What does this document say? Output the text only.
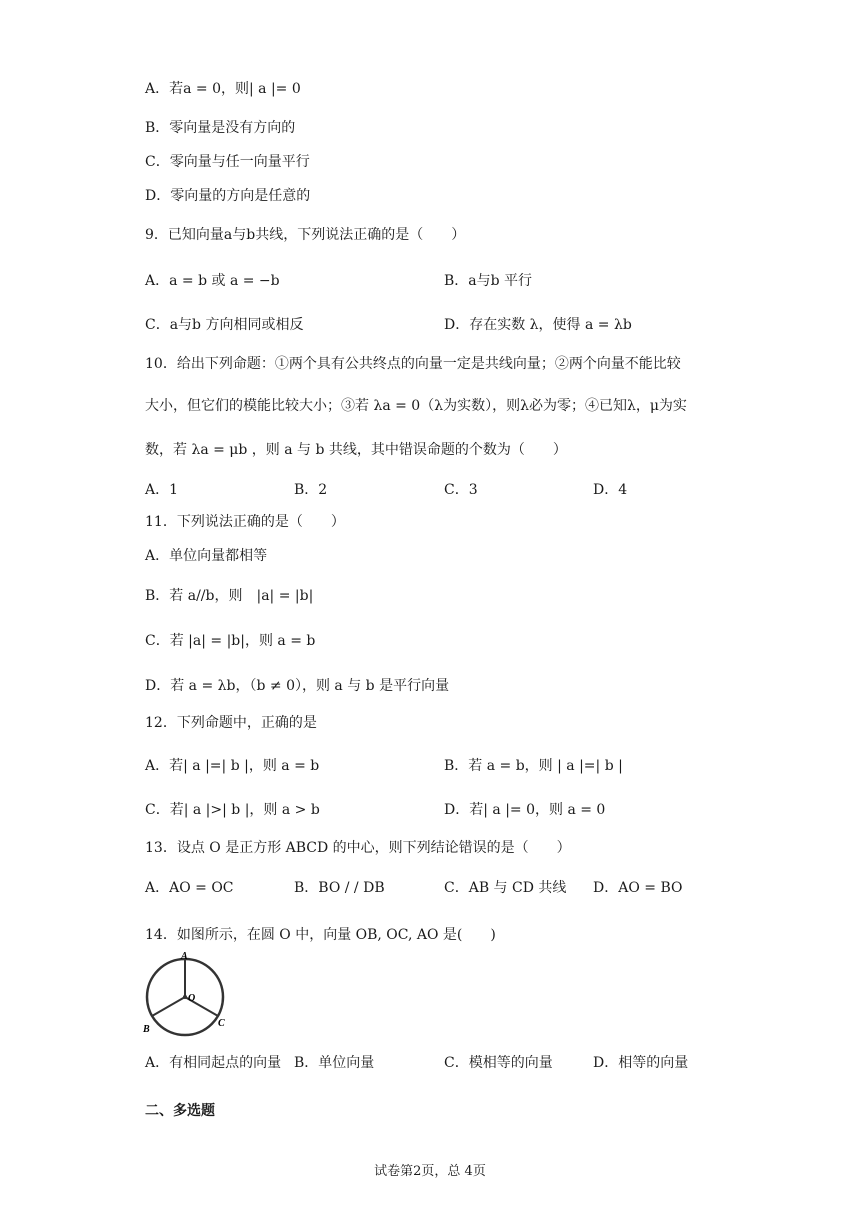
A．若a = 0，则| a |= 0
B．零向量是没有方向的
C．零向量与任一向量平行
D．零向量的方向是任意的
9．已知向量a与b共线，下列说法正确的是（　　）
A．a = b 或 a = −b	B．a与b 平行
C．a与b 方向相同或相反	D．存在实数 λ，使得 a = λb
10．给出下列命题：①两个具有公共终点的向量一定是共线向量；②两个向量不能比较
大小，但它们的模能比较大小；③若 λa = 0（λ为实数），则λ必为零；④已知λ，μ为实
数，若 λa = μb ，则 a 与 b 共线，其中错误命题的个数为（　　）
A．1	B．2	C．3	D．4
11．下列说法正确的是（　　）
A．单位向量都相等
B．若 a//b，则　|a| = |b|
C．若 |a| = |b|，则 a = b
D．若 a = λb，（b ≠ 0），则 a 与 b 是平行向量
12．下列命题中，正确的是
A．若| a |=| b |，则 a = b	B．若 a = b，则 | a |=| b |
C．若| a |>| b |，则 a > b	D．若| a |= 0，则 a = 0
13．设点 O 是正方形 ABCD 的中心，则下列结论错误的是（　　）
A．AO = OC	B．BO / / DB	C．AB 与 CD 共线 D．AO = BO
14．如图所示，在圆 O 中，向量 OB, OC, AO 是(　　)
A
O
B
C
A．有相同起点的向量 B．单位向量	C．模相等的向量	D．相等的向量
二、多选题
试卷第2页，总 4页
